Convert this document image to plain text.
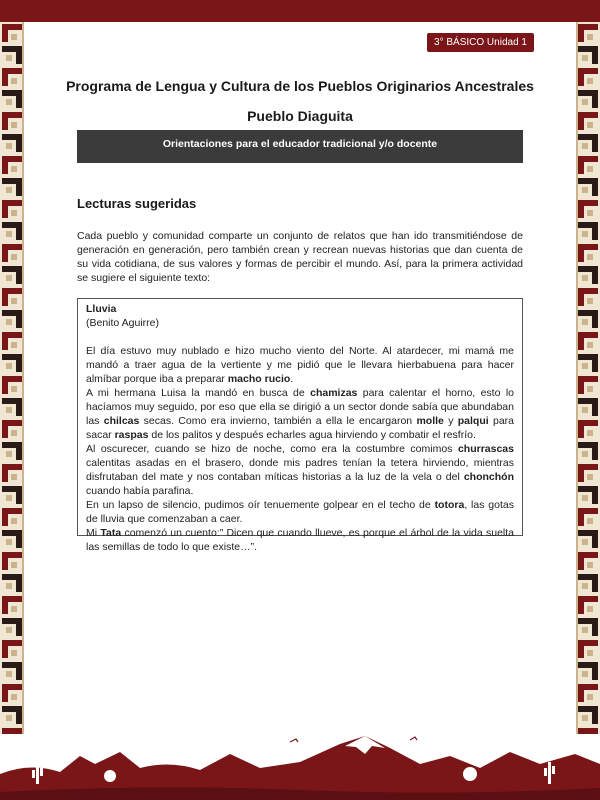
3° BÁSICO Unidad 1
Programa de Lengua y Cultura de los Pueblos Originarios Ancestrales
Pueblo Diaguita
Orientaciones para el educador tradicional y/o docente
Lecturas sugeridas
Cada pueblo y comunidad comparte un conjunto de relatos que han ido transmitiéndose de generación en generación, pero también crean y recrean nuevas historias que dan cuenta de su vida cotidiana, de sus valores y formas de percibir el mundo. Así, para la primera actividad se sugiere el siguiente texto:

Lluvia

(Benito Aguirre)

El día estuvo muy nublado e hizo mucho viento del Norte. Al atardecer, mi mamá me mandó a traer agua de la vertiente y me pidió que le llevara hierbabuena para hacer almíbar porque iba a preparar macho rucio.

A mi hermana Luisa la mandó en busca de chamizas para calentar el horno, esto lo hacíamos muy seguido, por eso que ella se dirigió a un sector donde sabía que abundaban las chilcas secas. Como era invierno, también a ella le encargaron molle y palqui para sacar raspas de los palitos y después echarles agua hirviendo y combatir el resfrío.

Al oscurecer, cuando se hizo de noche, como era la costumbre comimos churrascas calentitas asadas en el brasero, donde mis padres tenían la tetera hirviendo, mientras disfrutaban del mate y nos contaban míticas historias a la luz de la vela o del chonchón cuando había parafina.

En un lapso de silencio, pudimos oír tenuemente golpear en el techo de totora, las gotas de lluvia que comenzaban a caer.

Mi Tata comenzó un cuento:” Dicen que cuando llueve, es porque el árbol de la vida suelta las semillas de todo lo que existe…”.
